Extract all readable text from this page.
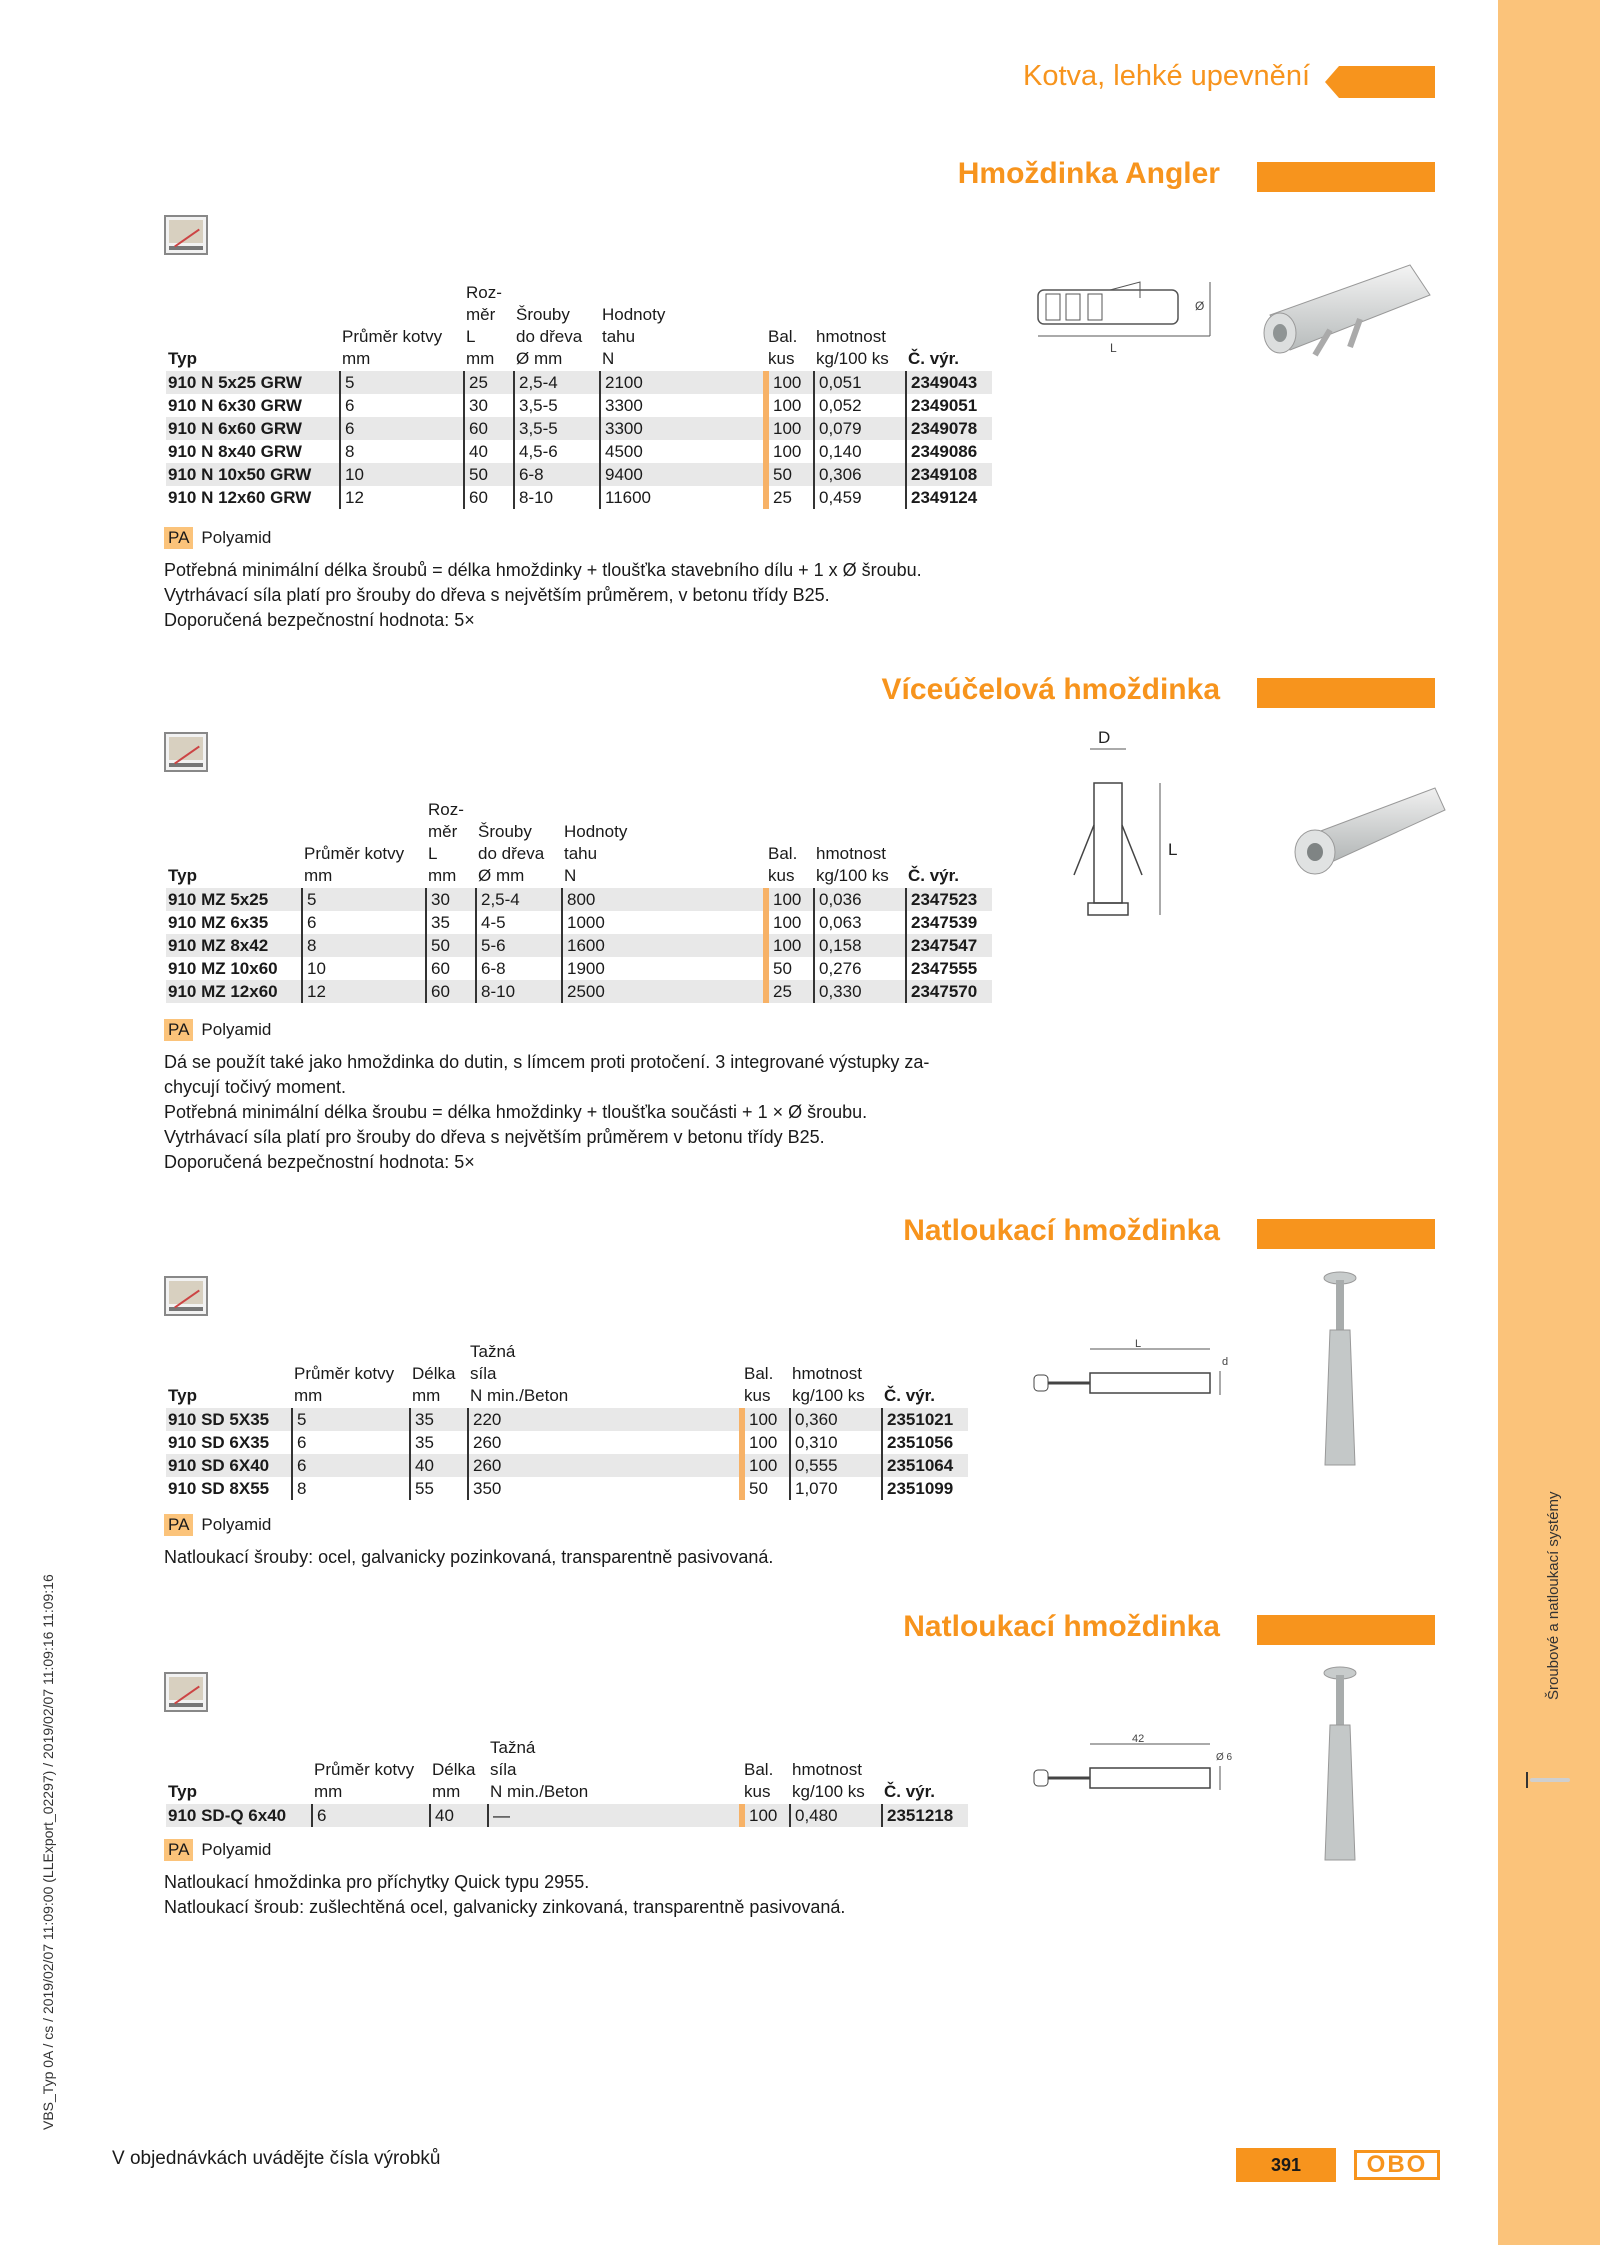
Šroubové a natloukací systémy
VBS_Typ 0A / cs / 2019/02/07 11:09:00 (LLExport_02297) / 2019/02/07 11:09:16 11:09:16
Kotva, lehké upevnění
Hmoždinka Angler
Typ	Průměr kotvy mm	Roz-
měr
L
mm	Šrouby
do dřeva
Ø mm	Hodnoty
tahu
N	Bal.
kus	hmotnost
kg/100 ks	Č. výr.
910 N 5x25 GRW	5	25	2,5-4	2100	100	0,051	2349043
910 N 6x30 GRW	6	30	3,5-5	3300	100	0,052	2349051
910 N 6x60 GRW	6	60	3,5-5	3300	100	0,079	2349078
910 N 8x40 GRW	8	40	4,5-6	4500	100	0,140	2349086
910 N 10x50 GRW	10	50	6-8	9400	50	0,306	2349108
910 N 12x60 GRW	12	60	8-10	11600	25	0,459	2349124
PA Polyamid
Potřebná minimální délka šroubů = délka hmoždinky + tloušťka stavebního dílu + 1 x Ø šroubu.
Vytrhávací síla platí pro šrouby do dřeva s největším průměrem, v betonu třídy B25.
Doporučená bezpečnostní hodnota: 5×
L
Ø
Víceúčelová hmoždinka
Typ	Průměr kotvy mm	Roz-
měr
L
mm	Šrouby
do dřeva
Ø mm	Hodnoty
tahu
N	Bal.
kus	hmotnost
kg/100 ks	Č. výr.
910 MZ 5x25	5	30	2,5-4	800	100	0,036	2347523
910 MZ 6x35	6	35	4-5	1000	100	0,063	2347539
910 MZ 8x42	8	50	5-6	1600	100	0,158	2347547
910 MZ 10x60	10	60	6-8	1900	50	0,276	2347555
910 MZ 12x60	12	60	8-10	2500	25	0,330	2347570
PA Polyamid
Dá se použít také jako hmoždinka do dutin, s límcem proti protočení. 3 integrované výstupky za-
chycují točivý moment.
Potřebná minimální délka šroubu = délka hmoždinky + tloušťka součásti + 1 × Ø šroubu.
Vytrhávací síla platí pro šrouby do dřeva s největším průměrem v betonu třídy B25.
Doporučená bezpečnostní hodnota: 5×
D
L
Natloukací hmoždinka
Typ	Průměr kotvy mm	Délka
mm	Tažná
síla
N min./Beton	Bal.
kus	hmotnost
kg/100 ks	Č. výr.
910 SD 5X35	5	35	220	100	0,360	2351021
910 SD 6X35	6	35	260	100	0,310	2351056
910 SD 6X40	6	40	260	100	0,555	2351064
910 SD 8X55	8	55	350	50	1,070	2351099
PA Polyamid
Natloukací šrouby: ocel, galvanicky pozinkovaná, transparentně pasivovaná.
L
d
Natloukací hmoždinka
Typ	Průměr kotvy mm	Délka
mm	Tažná
síla
N min./Beton	Bal.
kus	hmotnost
kg/100 ks	Č. výr.
910 SD-Q 6x40	6	40	—	100	0,480	2351218
PA Polyamid
Natloukací hmoždinka pro příchytky Quick typu 2955.
Natloukací šroub: zušlechtěná ocel, galvanicky zinkovaná, transparentně pasivovaná.
42
Ø 6
V objednávkách uvádějte čísla výrobků	391	OBO
